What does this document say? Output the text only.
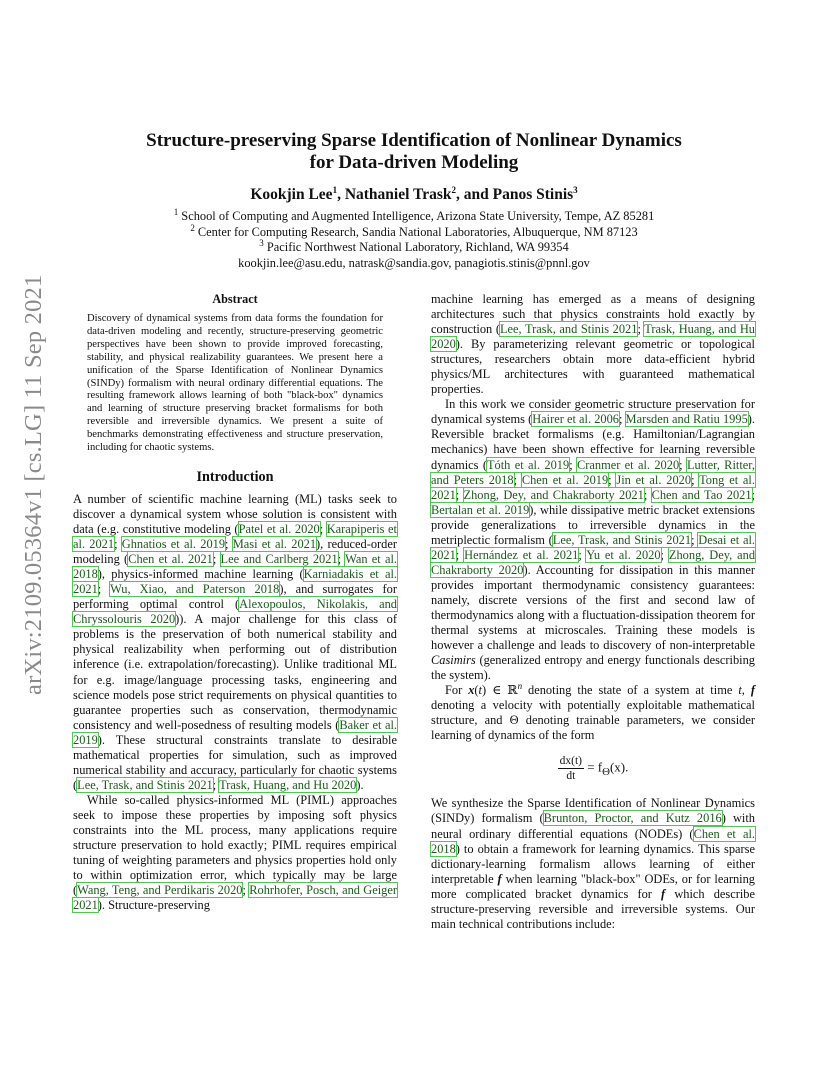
arXiv:2109.05364v1 [cs.LG] 11 Sep 2021
Structure-preserving Sparse Identification of Nonlinear Dynamics
for Data-driven Modeling
Kookjin Lee$^1$, Nathaniel Trask$^2$, and Panos Stinis$^3$
$^1$ School of Computing and Augmented Intelligence, Arizona State University, Tempe, AZ 85281
$^2$ Center for Computing Research, Sandia National Laboratories, Albuquerque, NM 87123
$^3$ Pacific Northwest National Laboratory, Richland, WA 99354
kookjin.lee@asu.edu, natrask@sandia.gov, panagiotis.stinis@pnnl.gov
Abstract

Discovery of dynamical systems from data forms the foundation for data-driven modeling and recently, structure-preserving geometric perspectives have been shown to provide improved forecasting, stability, and physical realizability guarantees. We present here a unification of the Sparse Identification of Nonlinear Dynamics (SINDy) formalism with neural ordinary differential equations. The resulting framework allows learning of both "black-box" dynamics and learning of structure preserving bracket formalisms for both reversible and irreversible dynamics. We present a suite of benchmarks demonstrating effectiveness and structure preservation, including for chaotic systems.

Introduction

A number of scientific machine learning (ML) tasks seek to discover a dynamical system whose solution is consistent with data (e.g. constitutive modeling (Patel et al. 2020; Karapiperis et al. 2021; Ghnatios et al. 2019; Masi et al. 2021), reduced-order modeling (Chen et al. 2021; Lee and Carlberg 2021; Wan et al. 2018), physics-informed machine learning (Karniadakis et al. 2021; Wu, Xiao, and Paterson 2018), and surrogates for performing optimal control (Alexopoulos, Nikolakis, and Chryssolouris 2020)). A major challenge for this class of problems is the preservation of both numerical stability and physical realizability when performing out of distribution inference (i.e. extrapolation/forecasting). Unlike traditional ML for e.g. image/language processing tasks, engineering and science models pose strict requirements on physical quantities to guarantee properties such as conservation, thermodynamic consistency and well-posedness of resulting models (Baker et al. 2019). These structural constraints translate to desirable mathematical properties for simulation, such as improved numerical stability and accuracy, particularly for chaotic systems (Lee, Trask, and Stinis 2021; Trask, Huang, and Hu 2020).

While so-called physics-informed ML (PIML) approaches seek to impose these properties by imposing soft physics constraints into the ML process, many applications require structure preservation to hold exactly; PIML requires empirical tuning of weighting parameters and physics properties hold only to within optimization error, which typically may be large (Wang, Teng, and Perdikaris 2020; Rohrhofer, Posch, and Geiger 2021). Structure-preserving

machine learning has emerged as a means of designing architectures such that physics constraints hold exactly by construction (Lee, Trask, and Stinis 2021; Trask, Huang, and Hu 2020). By parameterizing relevant geometric or topological structures, researchers obtain more data-efficient hybrid physics/ML architectures with guaranteed mathematical properties.

In this work we consider geometric structure preservation for dynamical systems (Hairer et al. 2006; Marsden and Ratiu 1995). Reversible bracket formalisms (e.g. Hamiltonian/Lagrangian mechanics) have been shown effective for learning reversible dynamics (Tóth et al. 2019; Cranmer et al. 2020; Lutter, Ritter, and Peters 2018; Chen et al. 2019; Jin et al. 2020; Tong et al. 2021; Zhong, Dey, and Chakraborty 2021; Chen and Tao 2021; Bertalan et al. 2019), while dissipative metric bracket extensions provide generalizations to irreversible dynamics in the metriplectic formalism (Lee, Trask, and Stinis 2021; Desai et al. 2021; Hernández et al. 2021; Yu et al. 2020; Zhong, Dey, and Chakraborty 2020). Accounting for dissipation in this manner provides important thermodynamic consistency guarantees: namely, discrete versions of the first and second law of thermodynamics along with a fluctuation-dissipation theorem for thermal systems at microscales. Training these models is however a challenge and leads to discovery of non-interpretable Casimirs (generalized entropy and energy functionals describing the system).

For x(t) ∈ ℝ$^n$ denoting the state of a system at time t, f denoting a velocity with potentially exploitable mathematical structure, and Θ denoting trainable parameters, we consider learning of dynamics of the form

$\frac{dx(t)}{dt} = f_\Theta(x)$.

We synthesize the Sparse Identification of Nonlinear Dynamics (SINDy) formalism (Brunton, Proctor, and Kutz 2016) with neural ordinary differential equations (NODEs) (Chen et al. 2018) to obtain a framework for learning dynamics. This sparse dictionary-learning formalism allows learning of either interpretable f when learning "black-box" ODEs, or for learning more complicated bracket dynamics for f which describe structure-preserving reversible and irreversible systems. Our main technical contributions include:
